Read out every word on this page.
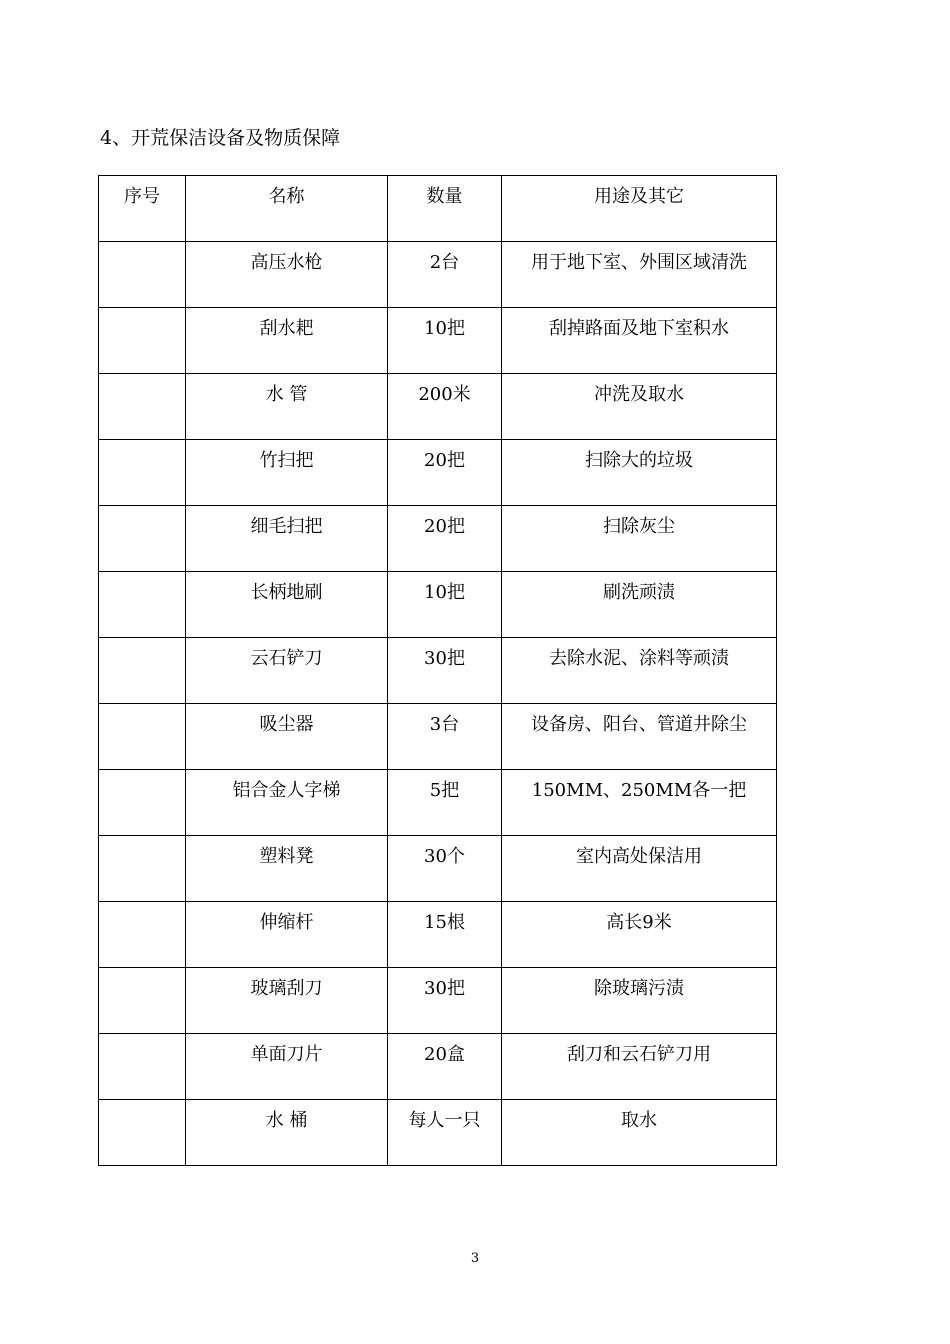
4、开荒保洁设备及物质保障
序号	名称	数量	用途及其它
	高压水枪	2台	用于地下室、外围区域清洗
	刮水耙	10把	刮掉路面及地下室积水
	水 管	200米	冲洗及取水
	竹扫把	20把	扫除大的垃圾
	细毛扫把	20把	扫除灰尘
	长柄地刷	10把	刷洗顽渍
	云石铲刀	30把	去除水泥、涂料等顽渍
	吸尘器	3台	设备房、阳台、管道井除尘
	铝合金人字梯	5把	150MM、250MM各一把
	塑料凳	30个	室内高处保洁用
	伸缩杆	15根	高长9米
	玻璃刮刀	30把	除玻璃污渍
	单面刀片	20盒	刮刀和云石铲刀用
	水 桶	每人一只	取水
3
